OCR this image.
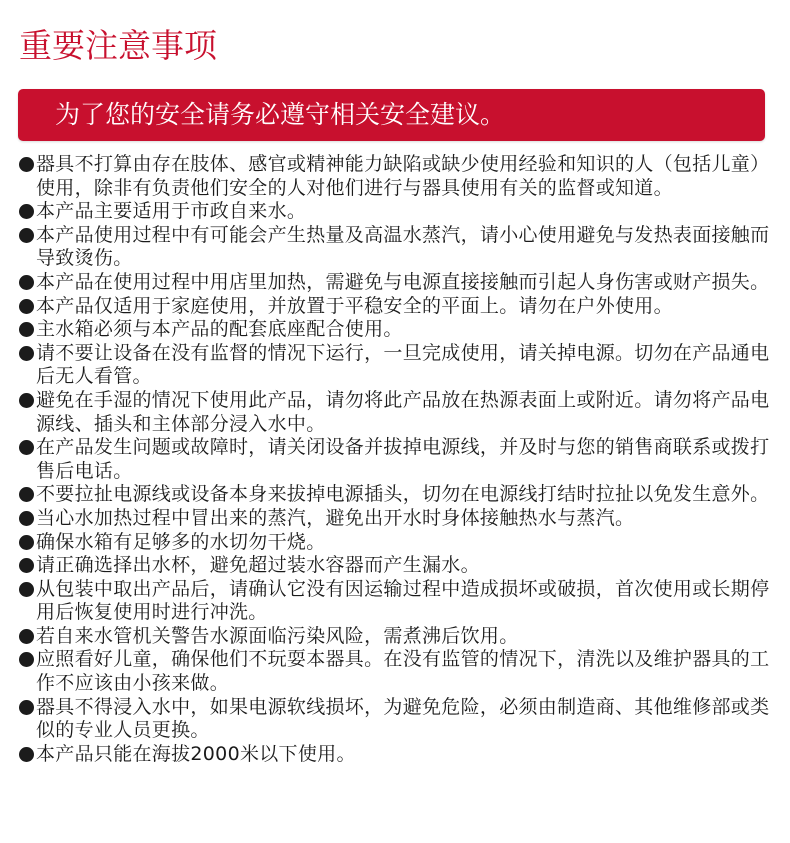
重要注意事项
为了您的安全请务必遵守相关安全建议。
器具不打算由存在肢体、感官或精神能力缺陷或缺少使用经验和知识的人（包括儿童）使用，除非有负责他们安全的人对他们进行与器具使用有关的监督或知道。
本产品主要适用于市政自来水。
本产品使用过程中有可能会产生热量及高温水蒸汽，请小心使用避免与发热表面接触而导致烫伤。
本产品在使用过程中用店里加热，需避免与电源直接接触而引起人身伤害或财产损失。
本产品仅适用于家庭使用，并放置于平稳安全的平面上。请勿在户外使用。
主水箱必须与本产品的配套底座配合使用。
请不要让设备在没有监督的情况下运行，一旦完成使用，请关掉电源。切勿在产品通电后无人看管。
避免在手湿的情况下使用此产品，请勿将此产品放在热源表面上或附近。请勿将产品电源线、插头和主体部分浸入水中。
在产品发生问题或故障时，请关闭设备并拔掉电源线，并及时与您的销售商联系或拨打售后电话。
不要拉扯电源线或设备本身来拔掉电源插头，切勿在电源线打结时拉扯以免发生意外。
当心水加热过程中冒出来的蒸汽，避免出开水时身体接触热水与蒸汽。
确保水箱有足够多的水切勿干烧。
请正确选择出水杯，避免超过装水容器而产生漏水。
从包装中取出产品后，请确认它没有因运输过程中造成损坏或破损，首次使用或长期停用后恢复使用时进行冲洗。
若自来水管机关警告水源面临污染风险，需煮沸后饮用。
应照看好儿童，确保他们不玩耍本器具。在没有监管的情况下，清洗以及维护器具的工作不应该由小孩来做。
器具不得浸入水中，如果电源软线损坏，为避免危险，必须由制造商、其他维修部或类似的专业人员更换。
本产品只能在海拔2000米以下使用。
